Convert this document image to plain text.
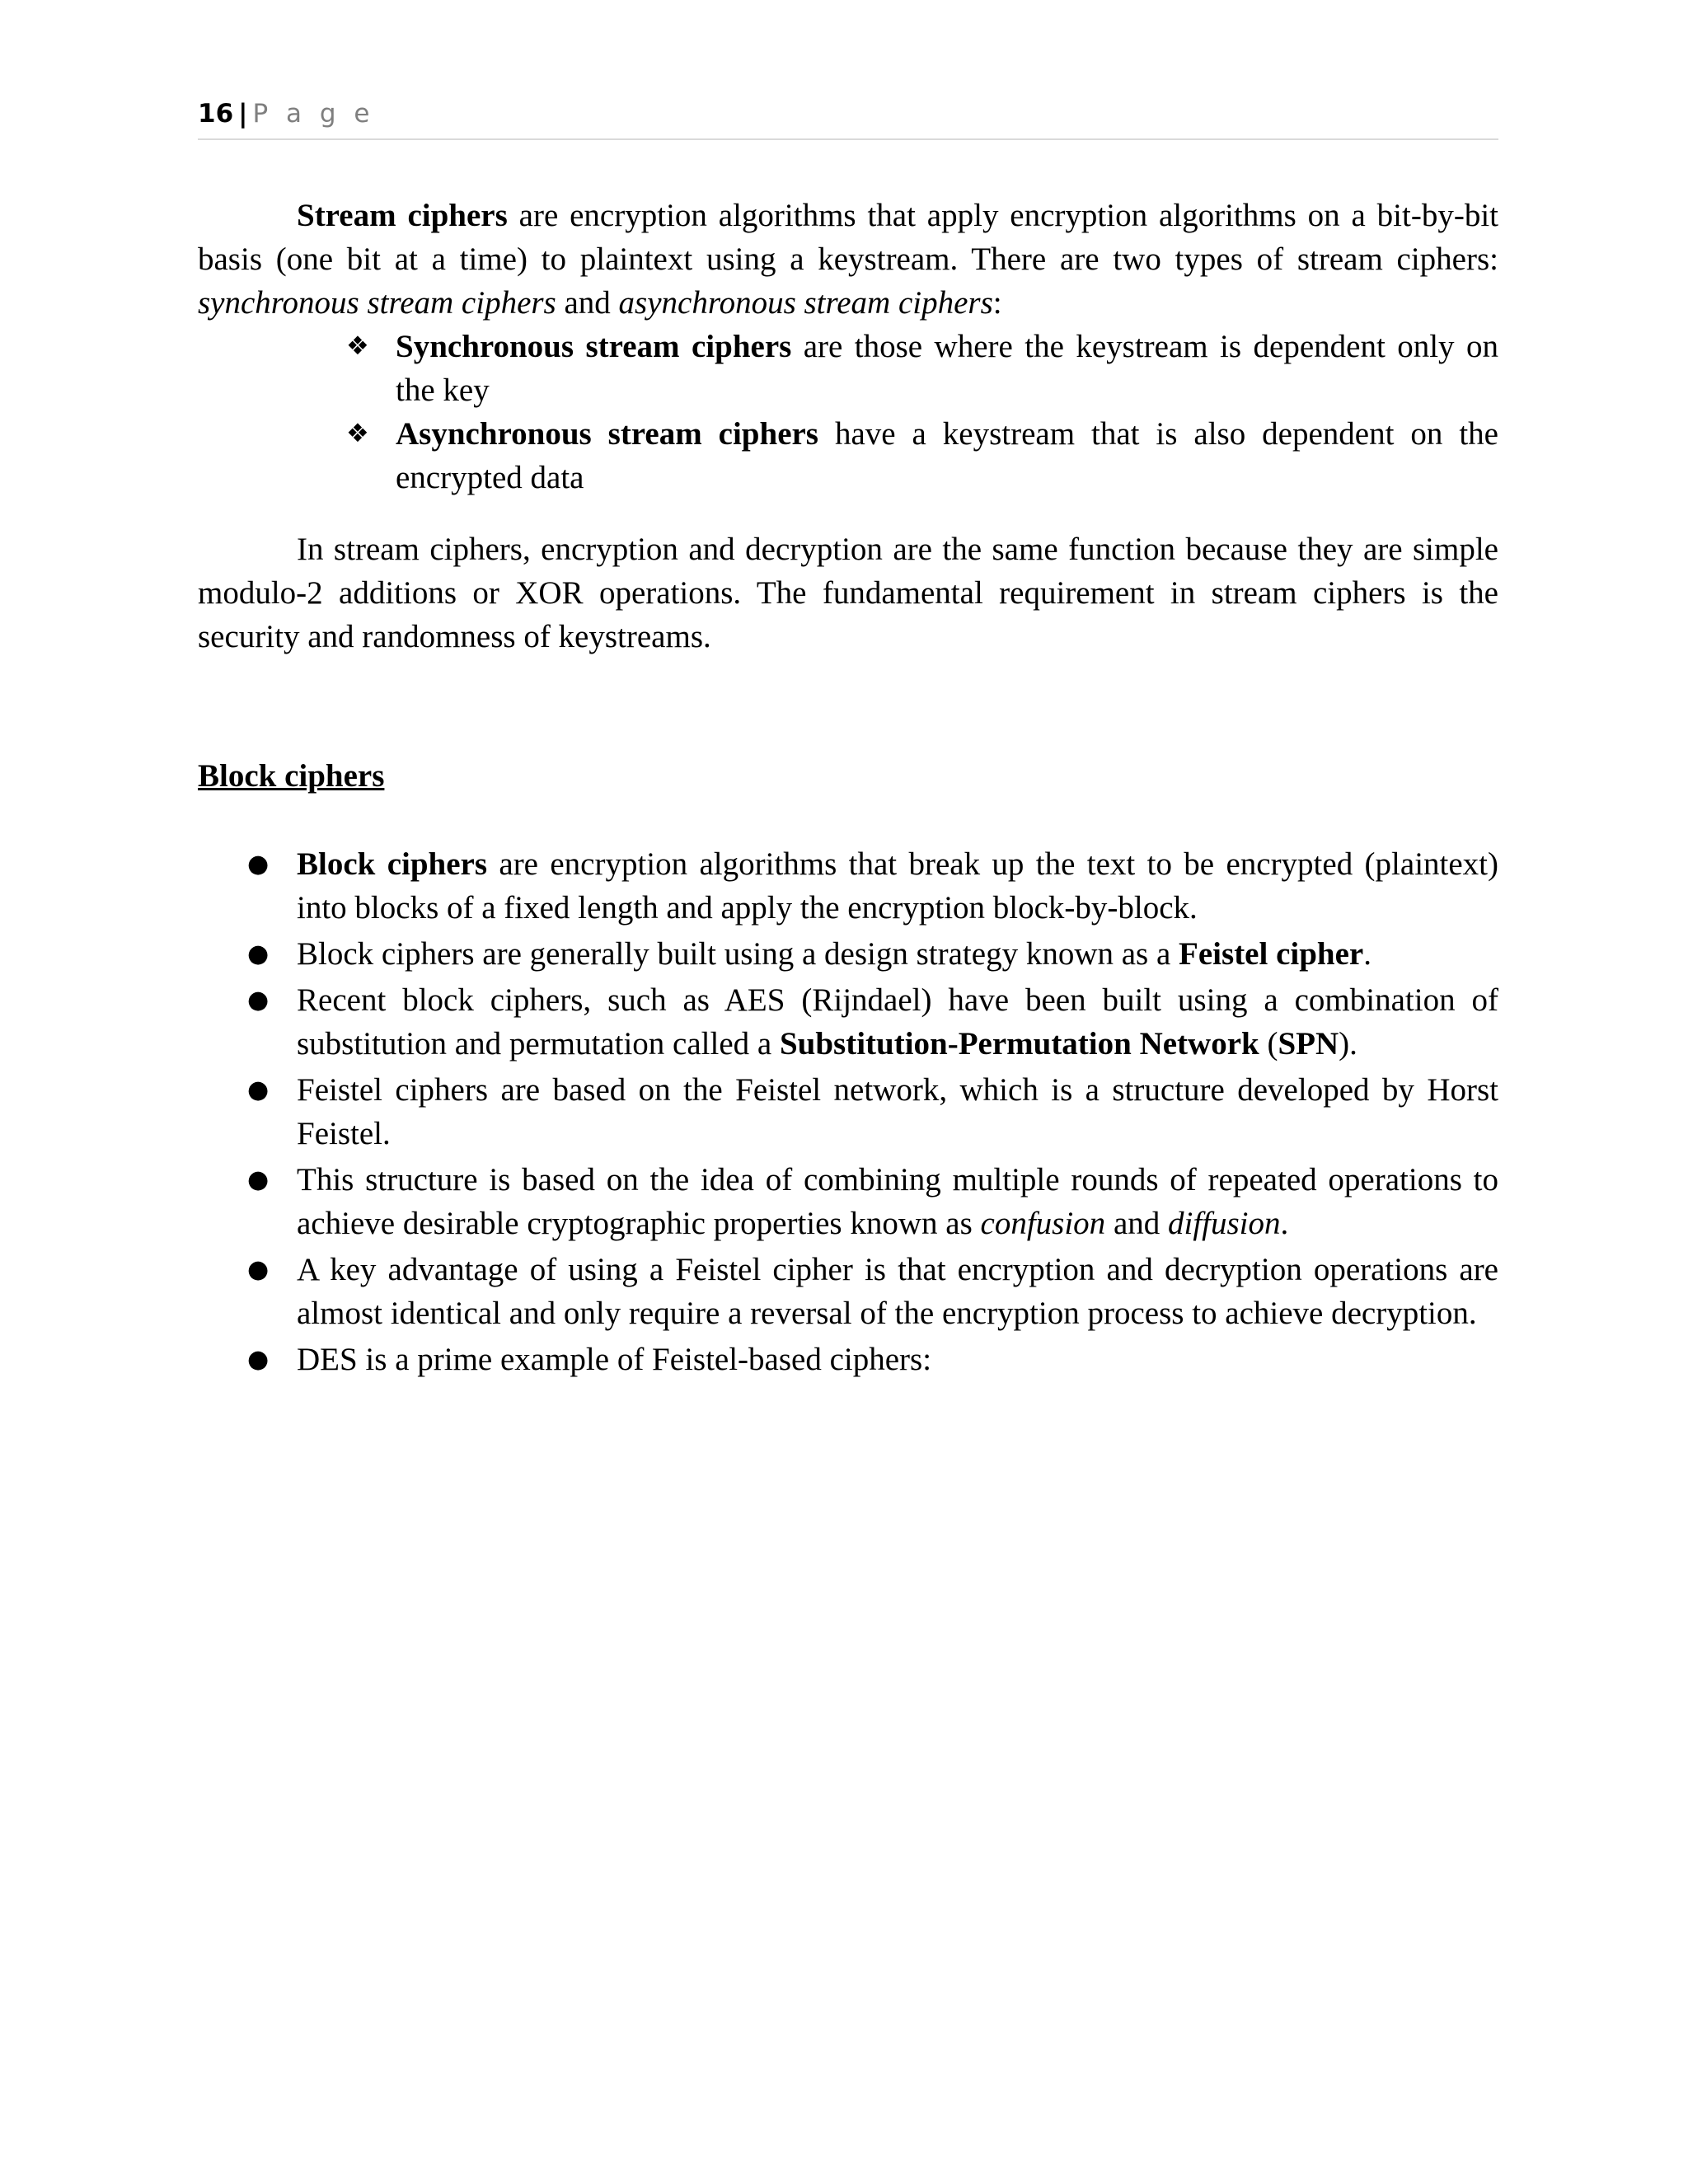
16 | P a g e

Stream ciphers are encryption algorithms that apply encryption algorithms on a bit-by-bit basis (one bit at a time) to plaintext using a keystream. There are two types of stream ciphers: synchronous stream ciphers and asynchronous stream ciphers:

❖ Synchronous stream ciphers are those where the keystream is dependent only on the key
❖ Asynchronous stream ciphers have a keystream that is also dependent on the encrypted data

In stream ciphers, encryption and decryption are the same function because they are simple modulo-2 additions or XOR operations. The fundamental requirement in stream ciphers is the security and randomness of keystreams.

Block ciphers

● Block ciphers are encryption algorithms that break up the text to be encrypted (plaintext) into blocks of a fixed length and apply the encryption block-by-block.
● Block ciphers are generally built using a design strategy known as a Feistel cipher.
● Recent block ciphers, such as AES (Rijndael) have been built using a combination of substitution and permutation called a Substitution-Permutation Network (SPN).
● Feistel ciphers are based on the Feistel network, which is a structure developed by Horst Feistel.
● This structure is based on the idea of combining multiple rounds of repeated operations to achieve desirable cryptographic properties known as confusion and diffusion.
● A key advantage of using a Feistel cipher is that encryption and decryption operations are almost identical and only require a reversal of the encryption process to achieve decryption.
● DES is a prime example of Feistel-based ciphers:
